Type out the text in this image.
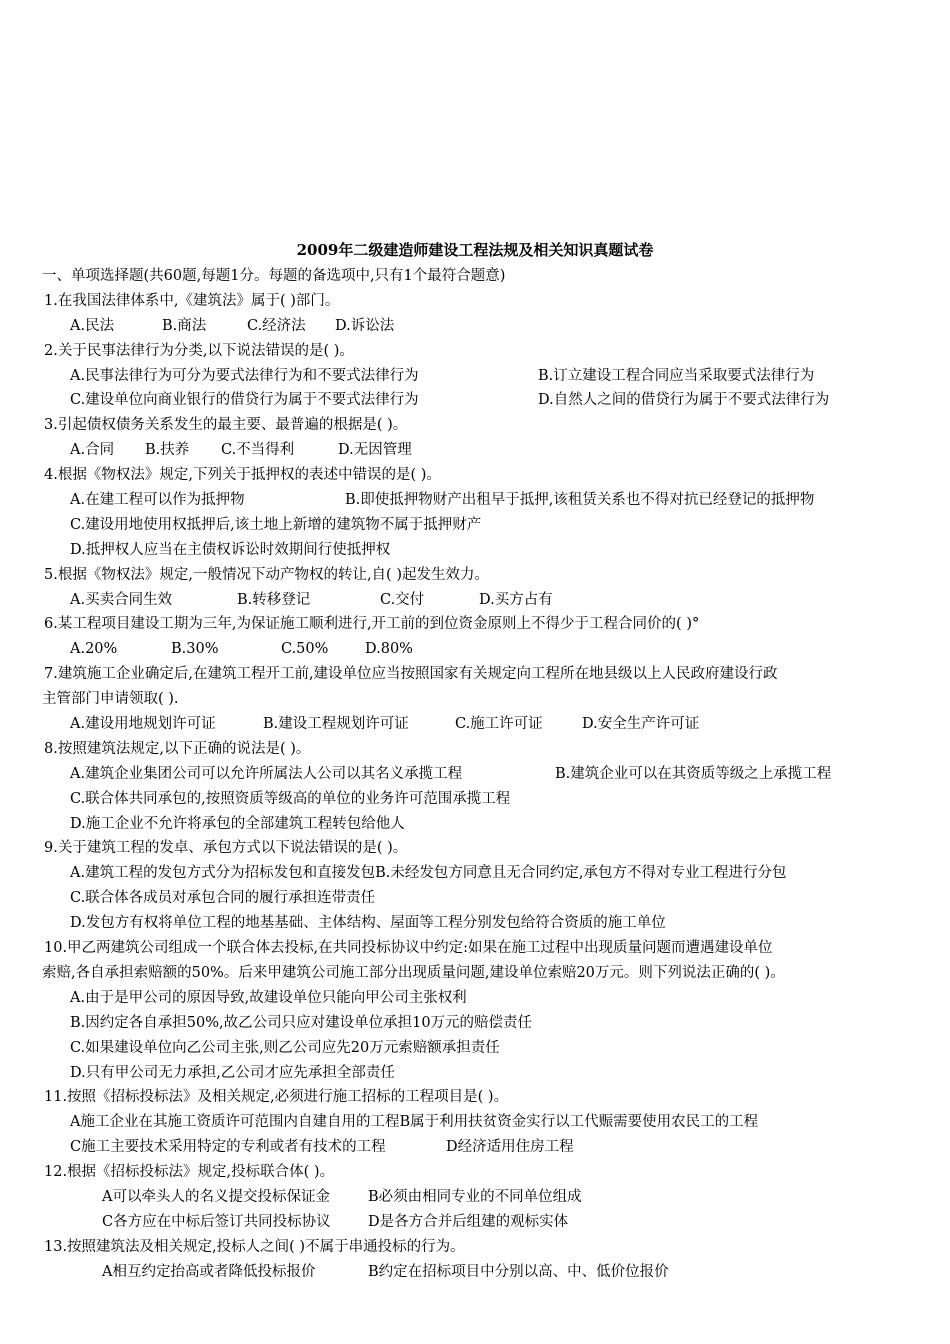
2009年二级建造师建设工程法规及相关知识真题试卷
一、单项选择题(共60题,每题1分。每题的备选项中,只有1个最符合题意)
1.在我国法律体系中,《建筑法》属于( )部门。
A.民法	B.商法	C.经济法 D.诉讼法
2.关于民事法律行为分类,以下说法错误的是( )。
A.民事法律行为可分为要式法律行为和不要式法律行为	B.订立建设工程合同应当采取要式法律行为
C.建设单位向商业银行的借贷行为属于不要式法律行为	D.自然人之间的借贷行为属于不要式法律行为
3.引起债权债务关系发生的最主要、最普遍的根据是( )。
A.合同 B.扶养 C.不当得利	D.无因管理
4.根据《物权法》规定,下列关于抵押权的表述中错误的是( )。
A.在建工程可以作为抵押物	B.即使抵押物财产出租早于抵押,该租赁关系也不得对抗已经登记的抵押物
C.建设用地使用权抵押后,该土地上新增的建筑物不属于抵押财产
D.抵押权人应当在主债权诉讼时效期间行使抵押权
5.根据《物权法》规定,一般情况下动产物权的转让,自( )起发生效力。
A.买卖合同生效	B.转移登记	C.交付	D.买方占有
6.某工程项目建设工期为三年,为保证施工顺利进行,开工前的到位资金原则上不得少于工程合同价的( )°
A.20%	B.30%	C.50%	D.80%
7.建筑施工企业确定后,在建筑工程开工前,建设单位应当按照国家有关规定向工程所在地县级以上人民政府建设行政
主管部门申请领取( ).
A.建设用地规划许可证	B.建设工程规划许可证	C.施工许可证	D.安全生产许可证
8.按照建筑法规定,以下正确的说法是( )。
A.建筑企业集团公司可以允许所属法人公司以其名义承揽工程	B.建筑企业可以在其资质等级之上承揽工程
C.联合体共同承包的,按照资质等级高的单位的业务许可范围承揽工程
D.施工企业不允许将承包的全部建筑工程转包给他人
9.关于建筑工程的发卓、承包方式以下说法错误的是( )。
A.建筑工程的发包方式分为招标发包和直接发包B.未经发包方同意且无合同约定,承包方不得对专业工程进行分包
C.联合体各成员对承包合同的履行承担连带责任
D.发包方有权将单位工程的地基基础、主体结构、屋面等工程分别发包给符合资质的施工单位
10.甲乙两建筑公司组成一个联合体去投标,在共同投标协议中约定:如果在施工过程中出现质量问题而遭遇建设单位
索赔,各自承担索赔额的50%。后来甲建筑公司施工部分出现质量问题,建设单位索赔20万元。则下列说法正确的( )。
A.由于是甲公司的原因导致,故建设单位只能向甲公司主张权利
B.因约定各自承担50%,故乙公司只应对建设单位承担10万元的赔偿责任
C.如果建设单位向乙公司主张,则乙公司应先20万元索赔额承担责任
D.只有甲公司无力承担,乙公司才应先承担全部责任
11.按照《招标投标法》及相关规定,必须进行施工招标的工程项目是( )。
A施工企业在其施工资质许可范围内自建自用的工程B属于利用扶贫资金实行以工代赈需要使用农民工的工程
C施工主要技术采用特定的专利或者有技术的工程	D经济适用住房工程
12.根据《招标投标法》规定,投标联合体( )。
A可以牵头人的名义提交投标保证金	B必须由相同专业的不同单位组成
C各方应在中标后签订共同投标协议	D是各方合并后组建的观标实体
13.按照建筑法及相关规定,投标人之间( )不属于串通投标的行为。
A相互约定抬高或者降低投标报价	B约定在招标项目中分别以高、中、低价位报价
